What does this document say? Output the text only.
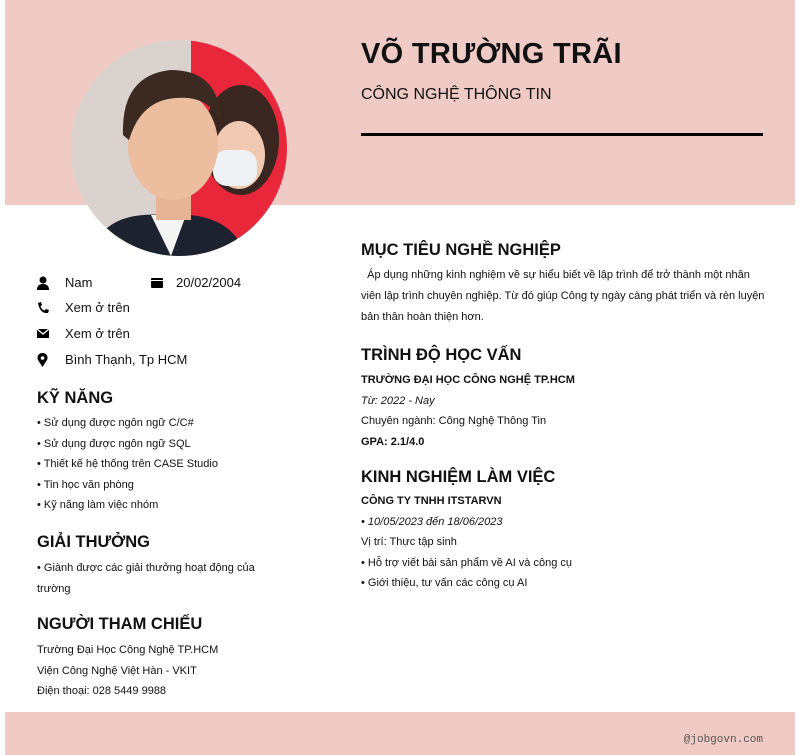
VÕ TRƯỜNG TRÃI
CÔNG NGHỆ THÔNG TIN
Nam	20/02/2004
Xem ở trên
Xem ở trên
Bình Thạnh, Tp HCM
KỸ NĂNG
• Sử dụng được ngôn ngữ C/C#
• Sử dụng được ngôn ngữ SQL
• Thiết kế hệ thống trên CASE Studio
• Tin học văn phòng
• Kỹ năng làm việc nhóm
GIẢI THƯỞNG
• Giành được các giải thưởng hoạt động của
trường
NGƯỜI THAM CHIẾU
Trường Đại Học Công Nghệ TP.HCM
Viện Công Nghệ Việt Hàn - VKIT
Điện thoại: 028 5449 9988
MỤC TIÊU NGHỀ NGHIỆP
Áp dụng những kinh nghiệm về sự hiểu biết về lập trình để trở thành một nhân
viên lập trình chuyên nghiệp. Từ đó giúp Công ty ngày càng phát triển và rèn luyện
bản thân hoàn thiện hơn.
TRÌNH ĐỘ HỌC VẤN
TRƯỜNG ĐẠI HỌC CÔNG NGHỆ TP.HCM
Từ: 2022 - Nay
Chuyên ngành: Công Nghệ Thông Tin
GPA: 2.1/4.0
KINH NGHIỆM LÀM VIỆC
CÔNG TY TNHH ITSTARVN
• 10/05/2023 đến 18/06/2023
Vị trí: Thực tập sinh
• Hỗ trợ viết bài sản phẩm về AI và công cụ
• Giới thiệu, tư vấn các công cụ AI
@jobgovn.com
